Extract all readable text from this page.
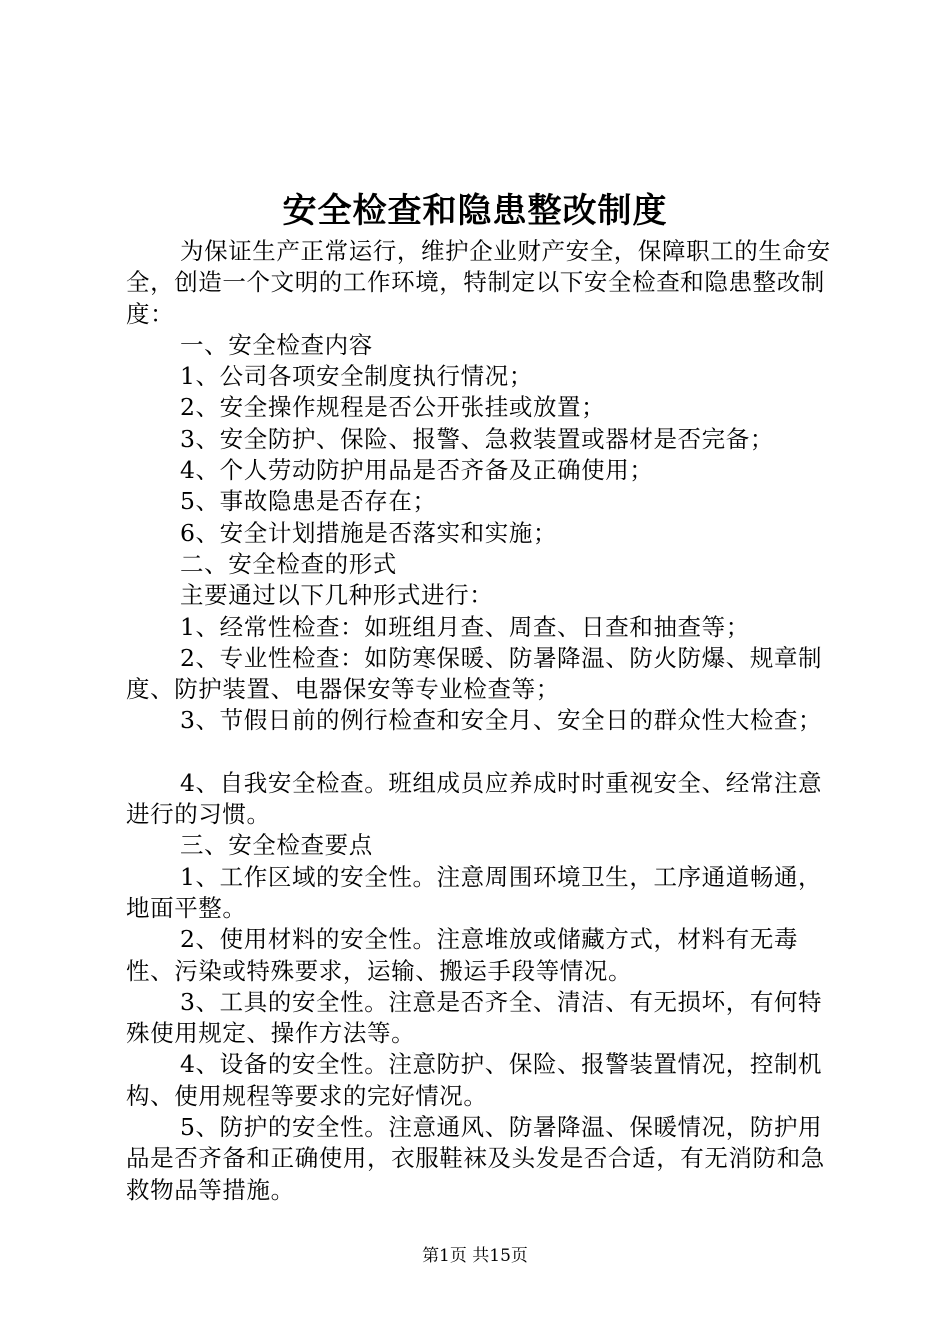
安全检查和隐患整改制度

为保证生产正常运行，维护企业财产安全，保障职工的生命安全，创造一个文明的工作环境，特制定以下安全检查和隐患整改制度：

一、安全检查内容

1、公司各项安全制度执行情况；

2、安全操作规程是否公开张挂或放置；

3、安全防护、保险、报警、急救装置或器材是否完备；

4、个人劳动防护用品是否齐备及正确使用；

5、事故隐患是否存在；

6、安全计划措施是否落实和实施；

二、安全检查的形式

主要通过以下几种形式进行：

1、经常性检查：如班组月查、周查、日查和抽查等；

2、专业性检查：如防寒保暖、防暑降温、防火防爆、规章制度、防护装置、电器保安等专业检查等；

3、节假日前的例行检查和安全月、安全日的群众性大检查；

4、自我安全检查。班组成员应养成时时重视安全、经常注意进行的习惯。

三、安全检查要点

1、工作区域的安全性。注意周围环境卫生，工序通道畅通，地面平整。

2、使用材料的安全性。注意堆放或储藏方式，材料有无毒性、污染或特殊要求，运输、搬运手段等情况。

3、工具的安全性。注意是否齐全、清洁、有无损坏，有何特殊使用规定、操作方法等。

4、设备的安全性。注意防护、保险、报警装置情况，控制机构、使用规程等要求的完好情况。

5、防护的安全性。注意通风、防暑降温、保暖情况，防护用品是否齐备和正确使用，衣服鞋袜及头发是否合适，有无消防和急救物品等措施。

第1页 共15页
